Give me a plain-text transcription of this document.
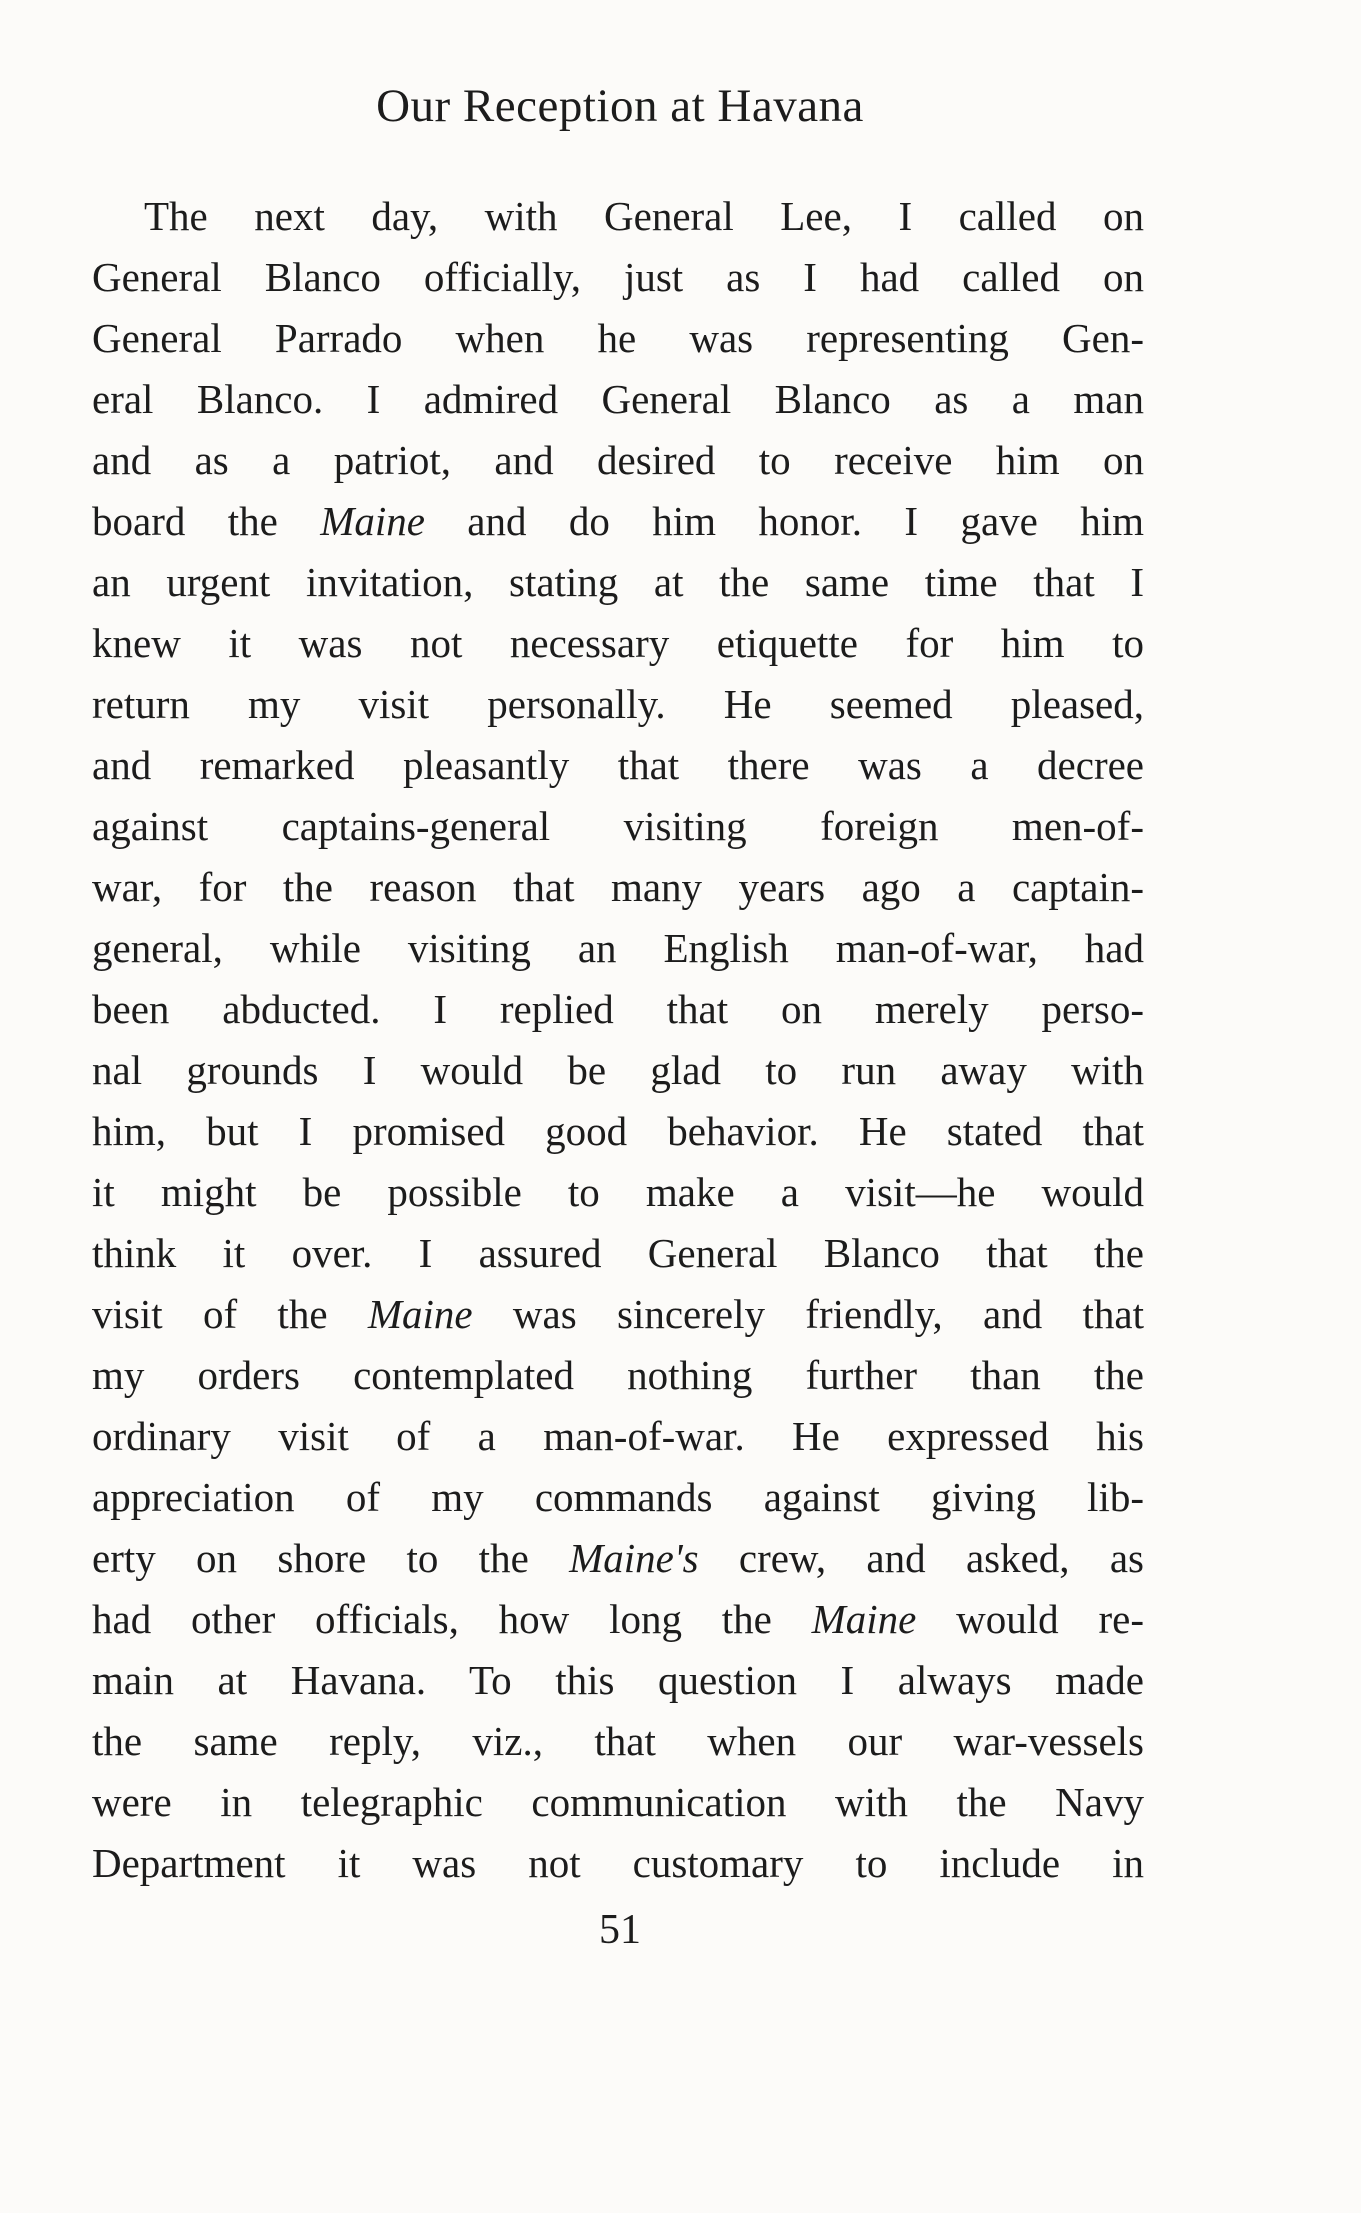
Our Reception at Havana
The next day, with General Lee, I called on
General Blanco officially, just as I had called on
General Parrado when he was representing Gen-
eral Blanco. I admired General Blanco as a man
and as a patriot, and desired to receive him on
board the Maine and do him honor. I gave him
an urgent invitation, stating at the same time that I
knew it was not necessary etiquette for him to
return my visit personally. He seemed pleased,
and remarked pleasantly that there was a decree
against captains-general visiting foreign men-of-
war, for the reason that many years ago a captain-
general, while visiting an English man-of-war, had
been abducted. I replied that on merely perso-
nal grounds I would be glad to run away with
him, but I promised good behavior. He stated that
it might be possible to make a visit—he would
think it over. I assured General Blanco that the
visit of the Maine was sincerely friendly, and that
my orders contemplated nothing further than the
ordinary visit of a man-of-war. He expressed his
appreciation of my commands against giving lib-
erty on shore to the Maine's crew, and asked, as
had other officials, how long the Maine would re-
main at Havana. To this question I always made
the same reply, viz., that when our war-vessels
were in telegraphic communication with the Navy
Department it was not customary to include in

51
